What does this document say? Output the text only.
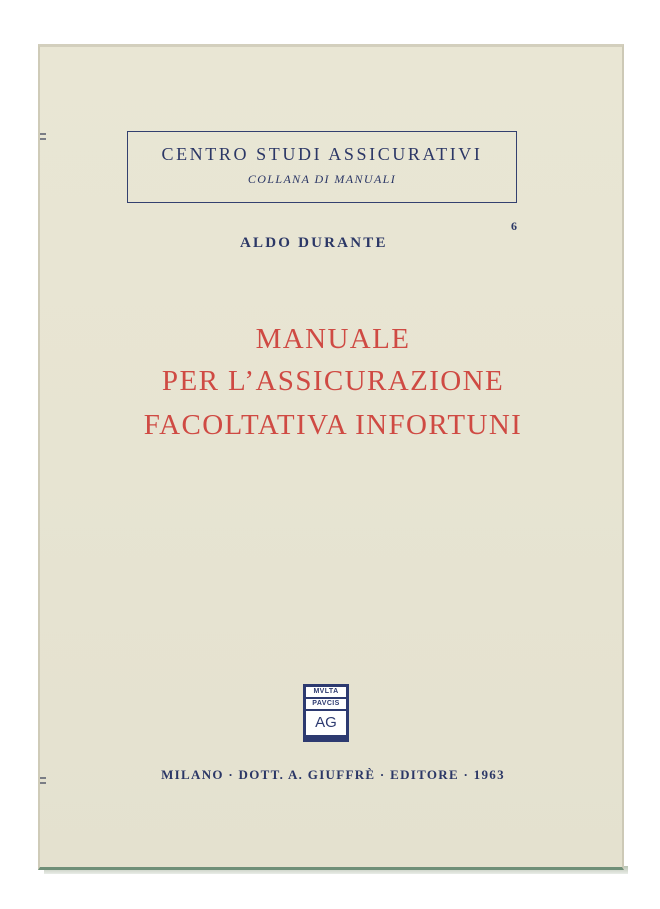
CENTRO STUDI ASSICURATIVI
COLLANA DI MANUALI
6
ALDO DURANTE
MANUALE
PER L’ASSICURAZIONE
FACOLTATIVA INFORTUNI
MVLTA
PAVCIS
AG
MILANO · DOTT. A. GIUFFRÈ · EDITORE · 1963
